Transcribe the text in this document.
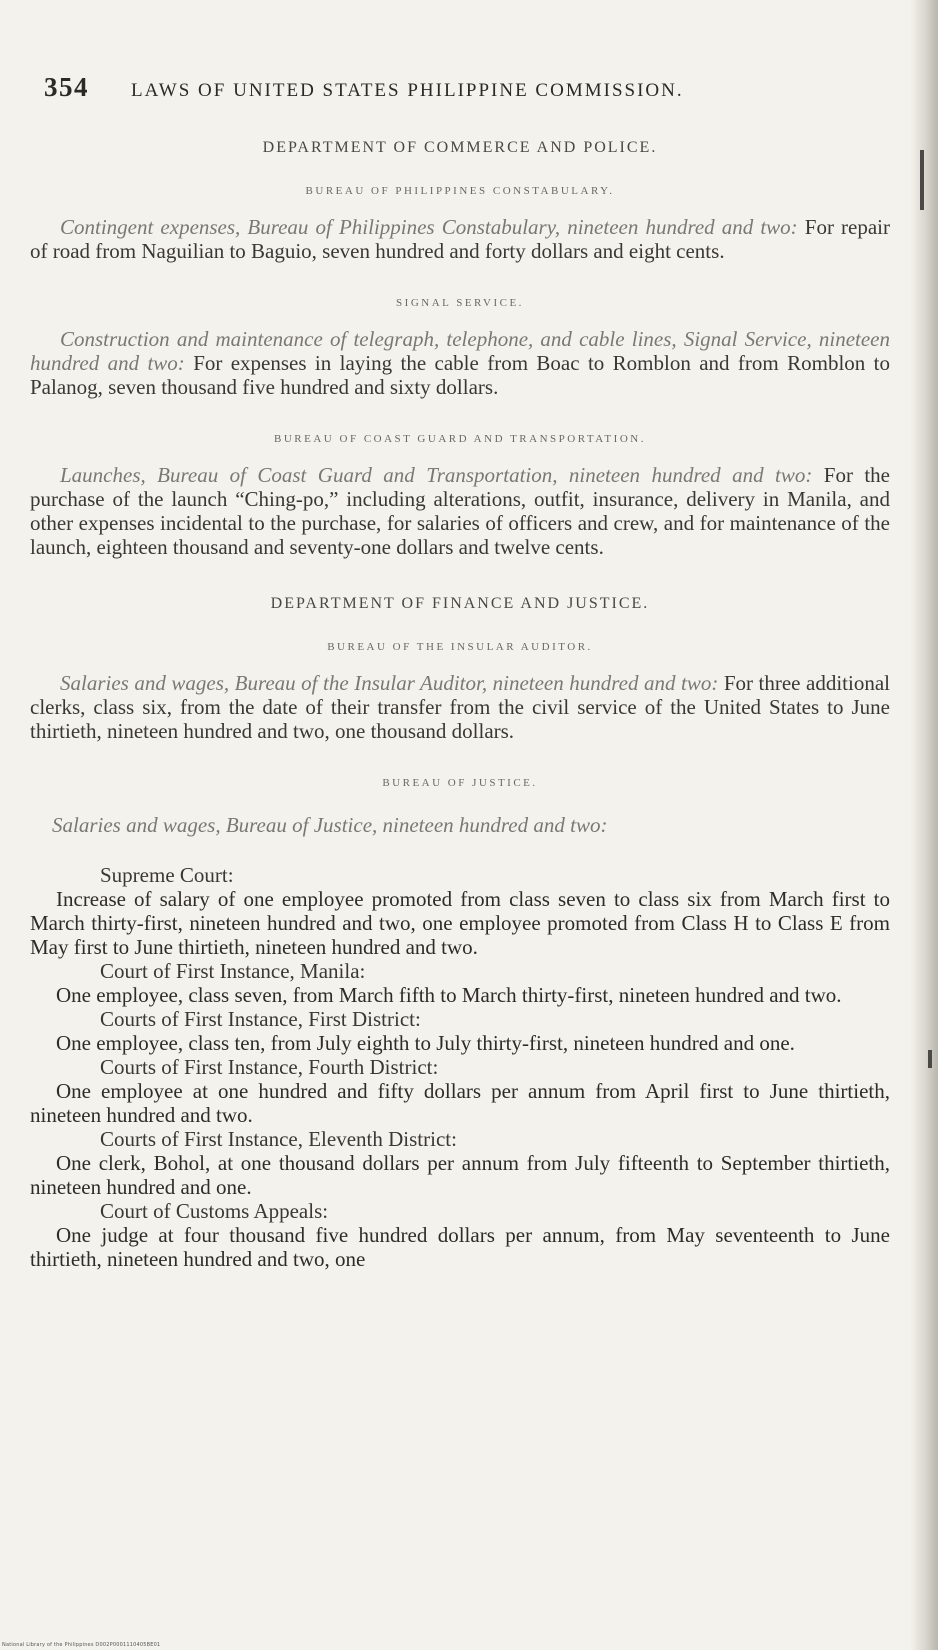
354 LAWS OF UNITED STATES PHILIPPINE COMMISSION.
DEPARTMENT OF COMMERCE AND POLICE.
BUREAU OF PHILIPPINES CONSTABULARY.

Contingent expenses, Bureau of Philippines Constabulary, nineteen hundred and two: For repair of road from Naguilian to Baguio, seven hundred and forty dollars and eight cents.

SIGNAL SERVICE.

Construction and maintenance of telegraph, telephone, and cable lines, Signal Service, nineteen hundred and two: For expenses in laying the cable from Boac to Romblon and from Romblon to Palanog, seven thousand five hundred and sixty dollars.

BUREAU OF COAST GUARD AND TRANSPORTATION.

Launches, Bureau of Coast Guard and Transportation, nineteen hundred and two: For the purchase of the launch “Ching-po,” including alterations, outfit, insurance, delivery in Manila, and other expenses incidental to the purchase, for salaries of officers and crew, and for maintenance of the launch, eighteen thousand and seventy-one dollars and twelve cents.

DEPARTMENT OF FINANCE AND JUSTICE.
BUREAU OF THE INSULAR AUDITOR.

Salaries and wages, Bureau of the Insular Auditor, nineteen hundred and two: For three additional clerks, class six, from the date of their transfer from the civil service of the United States to June thirtieth, nineteen hundred and two, one thousand dollars.

BUREAU OF JUSTICE.

Salaries and wages, Bureau of Justice, nineteen hundred and two:

Supreme Court:

Increase of salary of one employee promoted from class seven to class six from March first to March thirty-first, nineteen hundred and two, one employee promoted from Class H to Class E from May first to June thirtieth, nineteen hundred and two.

Court of First Instance, Manila:

One employee, class seven, from March fifth to March thirty-first, nineteen hundred and two.

Courts of First Instance, First District:

One employee, class ten, from July eighth to July thirty-first, nineteen hundred and one.

Courts of First Instance, Fourth District:

One employee at one hundred and fifty dollars per annum from April first to June thirtieth, nineteen hundred and two.

Courts of First Instance, Eleventh District:

One clerk, Bohol, at one thousand dollars per annum from July fifteenth to September thirtieth, nineteen hundred and one.

Court of Customs Appeals:

One judge at four thousand five hundred dollars per annum, from May seventeenth to June thirtieth, nineteen hundred and two, one

National Library of the Philippines D002P0001110405BE01
